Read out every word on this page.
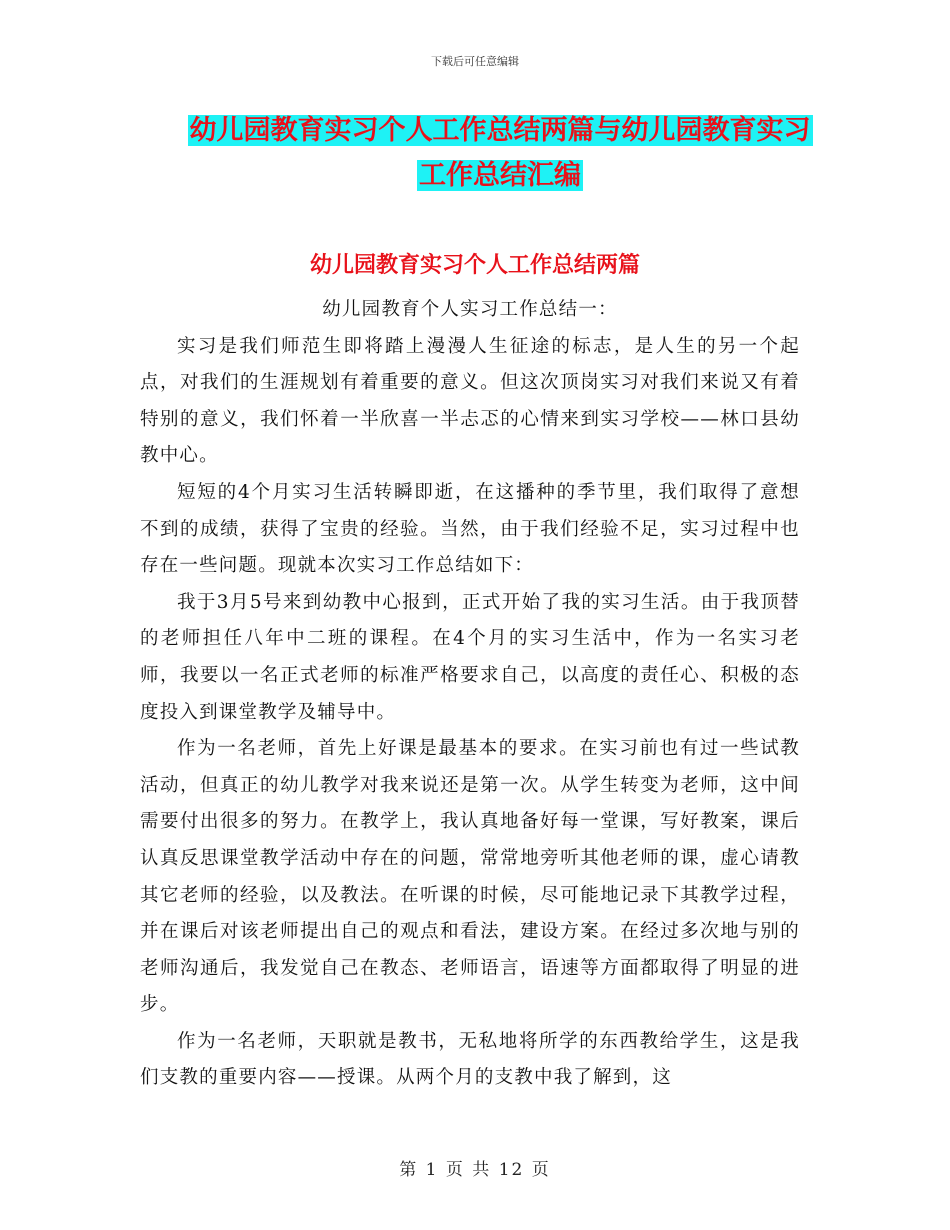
下载后可任意编辑
幼儿园教育实习个人工作总结两篇与幼儿园教育实习
工作总结汇编
幼儿园教育实习个人工作总结两篇

幼儿园教育个人实习工作总结一：

实习是我们师范生即将踏上漫漫人生征途的标志，是人生的另一个起点，对我们的生涯规划有着重要的意义。但这次顶岗实习对我们来说又有着特别的意义，我们怀着一半欣喜一半忐忑的心情来到实习学校——林口县幼教中心。

短短的4个月实习生活转瞬即逝，在这播种的季节里，我们取得了意想不到的成绩，获得了宝贵的经验。当然，由于我们经验不足，实习过程中也存在一些问题。现就本次实习工作总结如下：

我于3月5号来到幼教中心报到，正式开始了我的实习生活。由于我顶替的老师担任八年中二班的课程。在4个月的实习生活中，作为一名实习老师，我要以一名正式老师的标准严格要求自己，以高度的责任心、积极的态度投入到课堂教学及辅导中。

作为一名老师，首先上好课是最基本的要求。在实习前也有过一些试教活动，但真正的幼儿教学对我来说还是第一次。从学生转变为老师，这中间需要付出很多的努力。在教学上，我认真地备好每一堂课，写好教案，课后认真反思课堂教学活动中存在的问题，常常地旁听其他老师的课，虚心请教其它老师的经验，以及教法。在听课的时候，尽可能地记录下其教学过程，并在课后对该老师提出自己的观点和看法，建设方案。在经过多次地与别的老师沟通后，我发觉自己在教态、老师语言，语速等方面都取得了明显的进步。

作为一名老师，天职就是教书，无私地将所学的东西教给学生，这是我们支教的重要内容——授课。从两个月的支教中我了解到，这

第 1 页 共 12 页
